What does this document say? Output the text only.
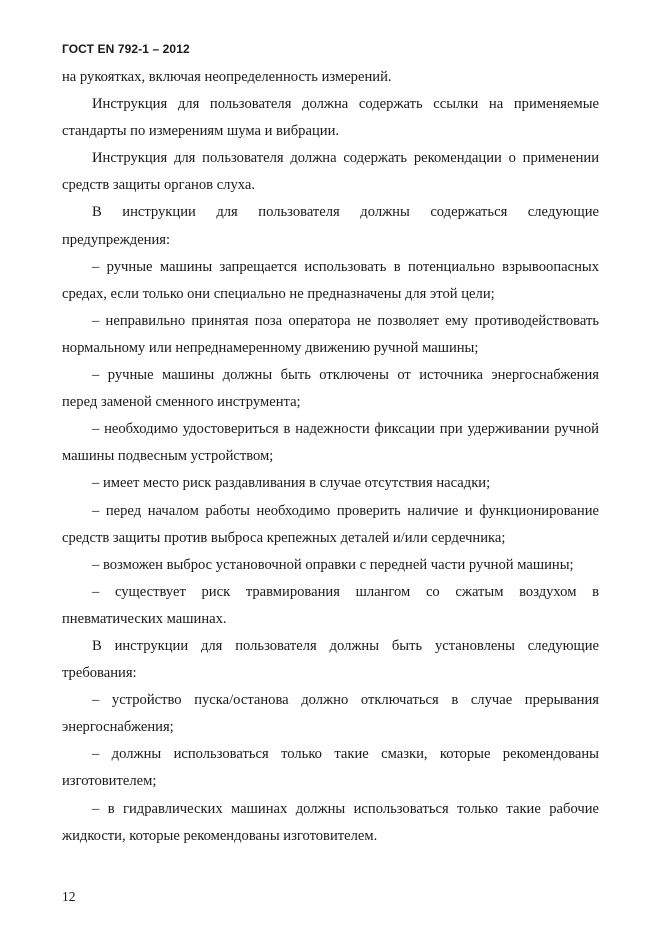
ГОСТ EN 792-1 – 2012

на рукоятках, включая неопределенность измерений.

Инструкция для пользователя должна содержать ссылки на применяемые стандарты по измерениям шума и вибрации.

Инструкция для пользователя должна содержать рекомендации о применении средств защиты органов слуха.

В инструкции для пользователя должны содержаться следующие предупреждения:

– ручные машины запрещается использовать в потенциально взрывоопасных средах, если только они специально не предназначены для этой цели;

– неправильно принятая поза оператора не позволяет ему противодействовать нормальному или непреднамеренному движению ручной машины;

– ручные машины должны быть отключены от источника энергоснабжения перед заменой сменного инструмента;

– необходимо удостовериться в надежности фиксации при удерживании ручной машины подвесным устройством;

– имеет место риск раздавливания в случае отсутствия насадки;

– перед началом работы необходимо проверить наличие и функционирование средств защиты против выброса крепежных деталей и/или сердечника;

– возможен выброс установочной оправки с передней части ручной машины;

– существует риск травмирования шлангом со сжатым воздухом в пневматических машинах.

В инструкции для пользователя должны быть установлены следующие требования:

– устройство пуска/останова должно отключаться в случае прерывания энергоснабжения;

– должны использоваться только такие смазки, которые рекомендованы изготовителем;

– в гидравлических машинах должны использоваться только такие рабочие жидкости, которые рекомендованы изготовителем.

12
